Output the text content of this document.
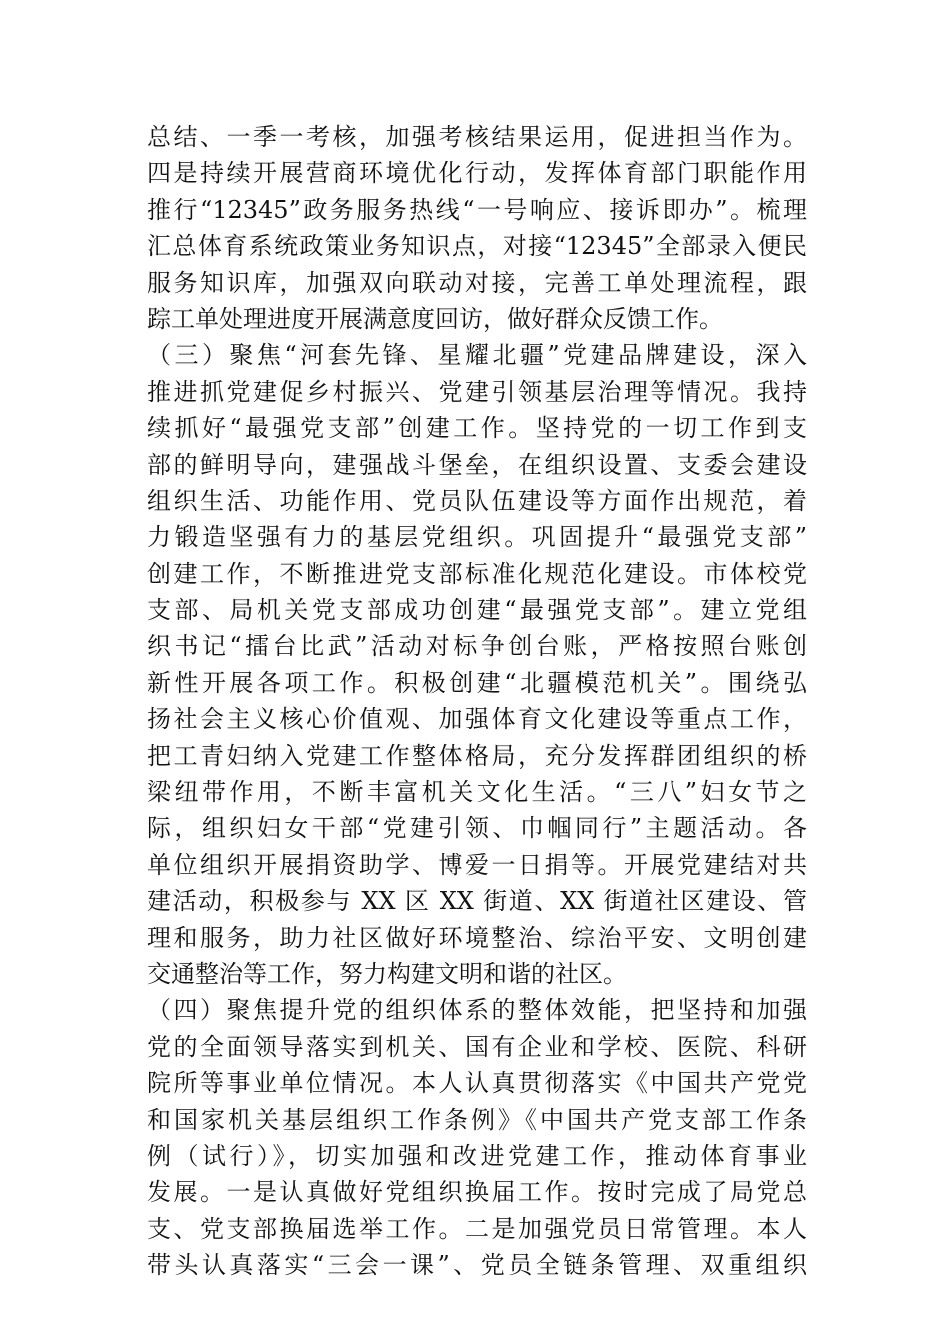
总结、一季一考核，加强考核结果运用，促进担当作为。
四是持续开展营商环境优化行动，发挥体育部门职能作用
推行“12345”政务服务热线“一号响应、接诉即办”。梳理
汇总体育系统政策业务知识点，对接“12345”全部录入便民
服务知识库，加强双向联动对接，完善工单处理流程，跟
踪工单处理进度开展满意度回访，做好群众反馈工作。
（三）聚焦“河套先锋、星耀北疆”党建品牌建设，深入
推进抓党建促乡村振兴、党建引领基层治理等情况。我持
续抓好“最强党支部”创建工作。坚持党的一切工作到支
部的鲜明导向，建强战斗堡垒，在组织设置、支委会建设
组织生活、功能作用、党员队伍建设等方面作出规范，着
力锻造坚强有力的基层党组织。巩固提升“最强党支部”
创建工作，不断推进党支部标准化规范化建设。市体校党
支部、局机关党支部成功创建“最强党支部”。建立党组
织书记“擂台比武”活动对标争创台账，严格按照台账创
新性开展各项工作。积极创建“北疆模范机关”。围绕弘
扬社会主义核心价值观、加强体育文化建设等重点工作，
把工青妇纳入党建工作整体格局，充分发挥群团组织的桥
梁纽带作用，不断丰富机关文化生活。“三八”妇女节之
际，组织妇女干部“党建引领、巾帼同行”主题活动。各
单位组织开展捐资助学、博爱一日捐等。开展党建结对共
建活动，积极参与 XX 区 XX 街道、XX 街道社区建设、管
理和服务，助力社区做好环境整治、综治平安、文明创建
交通整治等工作，努力构建文明和谐的社区。
（四）聚焦提升党的组织体系的整体效能，把坚持和加强
党的全面领导落实到机关、国有企业和学校、医院、科研
院所等事业单位情况。本人认真贯彻落实《中国共产党党
和国家机关基层组织工作条例》《中国共产党支部工作条
例（试行）》，切实加强和改进党建工作，推动体育事业
发展。一是认真做好党组织换届工作。按时完成了局党总
支、党支部换届选举工作。二是加强党员日常管理。本人
带头认真落实“三会一课”、党员全链条管理、双重组织
